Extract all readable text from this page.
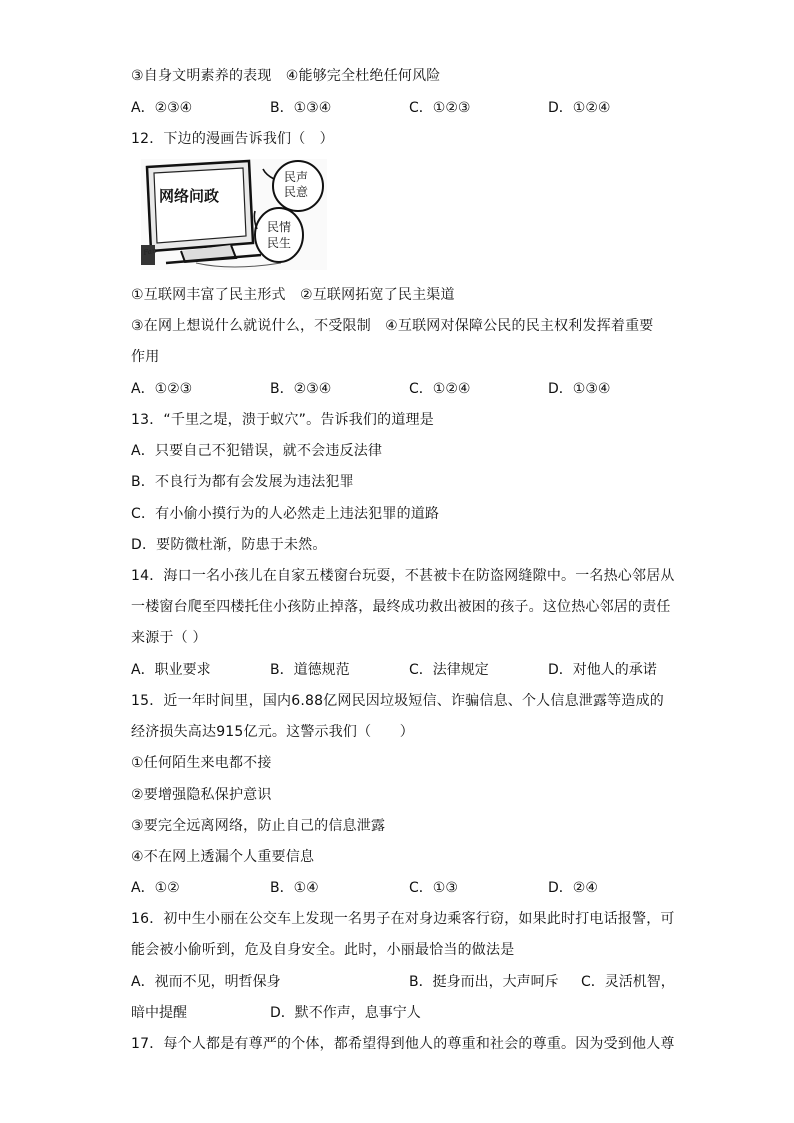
③自身文明素养的表现　④能够完全杜绝任何风险
A．②③④	B．①③④	C．①②③	D．①②④
12．下边的漫画告诉我们（　）
网络问政
民声
民意
民情
民生
Fan
①互联网丰富了民主形式　②互联网拓宽了民主渠道
③在网上想说什么就说什么，不受限制　④互联网对保障公民的民主权利发挥着重要
作用
A．①②③	B．②③④	C．①②④	D．①③④
13．“千里之堤，溃于蚁穴”。告诉我们的道理是
A．只要自己不犯错误，就不会违反法律
B．不良行为都有会发展为违法犯罪
C．有小偷小摸行为的人必然走上违法犯罪的道路
D．要防微杜渐，防患于未然。
14．海口一名小孩儿在自家五楼窗台玩耍，不甚被卡在防盗网缝隙中。一名热心邻居从
一楼窗台爬至四楼托住小孩防止掉落，最终成功救出被困的孩子。这位热心邻居的责任
来源于（ ）
A．职业要求	B．道德规范	C．法律规定	D．对他人的承诺
15．近一年时间里，国内6.88亿网民因垃圾短信、诈骗信息、个人信息泄露等造成的
经济损失高达915亿元。这警示我们（　　）
①任何陌生来电都不接
②要增强隐私保护意识
③要完全远离网络，防止自己的信息泄露
④不在网上透漏个人重要信息
A．①②	B．①④	C．①③	D．②④
16．初中生小丽在公交车上发现一名男子在对身边乘客行窃，如果此时打电话报警，可
能会被小偷听到，危及自身安全。此时，小丽最恰当的做法是
A．视而不见，明哲保身	B．挺身而出，大声呵斥 C．灵活机智，
暗中提醒	D．默不作声，息事宁人
17．每个人都是有尊严的个体，都希望得到他人的尊重和社会的尊重。因为受到他人尊
